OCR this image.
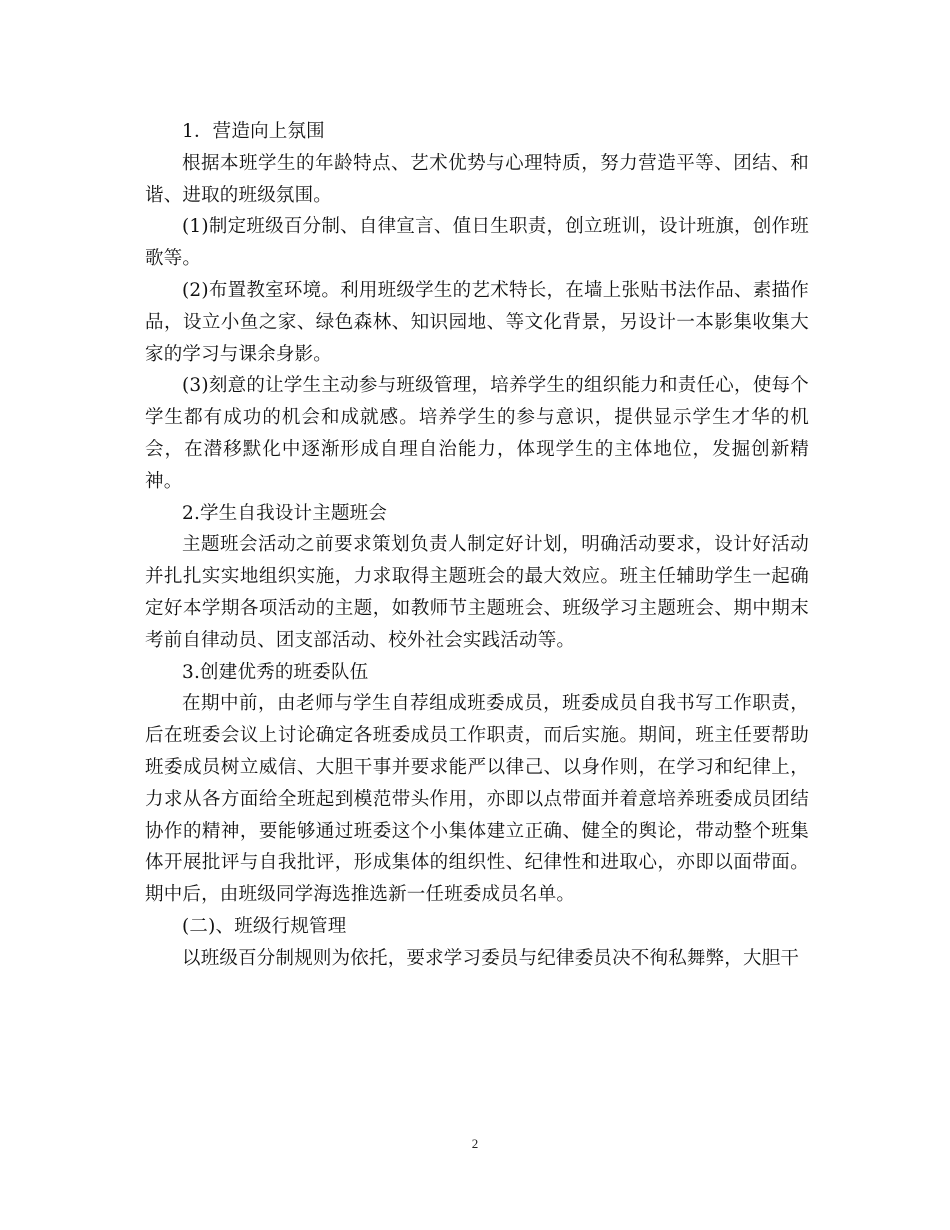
1．营造向上氛围

根据本班学生的年龄特点、艺术优势与心理特质，努力营造平等、团结、和谐、进取的班级氛围。

(1)制定班级百分制、自律宣言、值日生职责，创立班训，设计班旗，创作班歌等。

(2)布置教室环境。利用班级学生的艺术特长，在墙上张贴书法作品、素描作品，设立小鱼之家、绿色森林、知识园地、等文化背景，另设计一本影集收集大家的学习与课余身影。

(3)刻意的让学生主动参与班级管理，培养学生的组织能力和责任心，使每个学生都有成功的机会和成就感。培养学生的参与意识，提供显示学生才华的机会，在潜移默化中逐渐形成自理自治能力，体现学生的主体地位，发掘创新精神。

2.学生自我设计主题班会

主题班会活动之前要求策划负责人制定好计划，明确活动要求，设计好活动并扎扎实实地组织实施，力求取得主题班会的最大效应。班主任辅助学生一起确定好本学期各项活动的主题，如教师节主题班会、班级学习主题班会、期中期末考前自律动员、团支部活动、校外社会实践活动等。

3.创建优秀的班委队伍

在期中前，由老师与学生自荐组成班委成员，班委成员自我书写工作职责，后在班委会议上讨论确定各班委成员工作职责，而后实施。期间，班主任要帮助班委成员树立威信、大胆干事并要求能严以律己、以身作则，在学习和纪律上，力求从各方面给全班起到模范带头作用，亦即以点带面并着意培养班委成员团结协作的精神，要能够通过班委这个小集体建立正确、健全的舆论，带动整个班集体开展批评与自我批评，形成集体的组织性、纪律性和进取心，亦即以面带面。期中后，由班级同学海选推选新一任班委成员名单。

(二)、班级行规管理

以班级百分制规则为依托，要求学习委员与纪律委员决不徇私舞弊，大胆干

2
